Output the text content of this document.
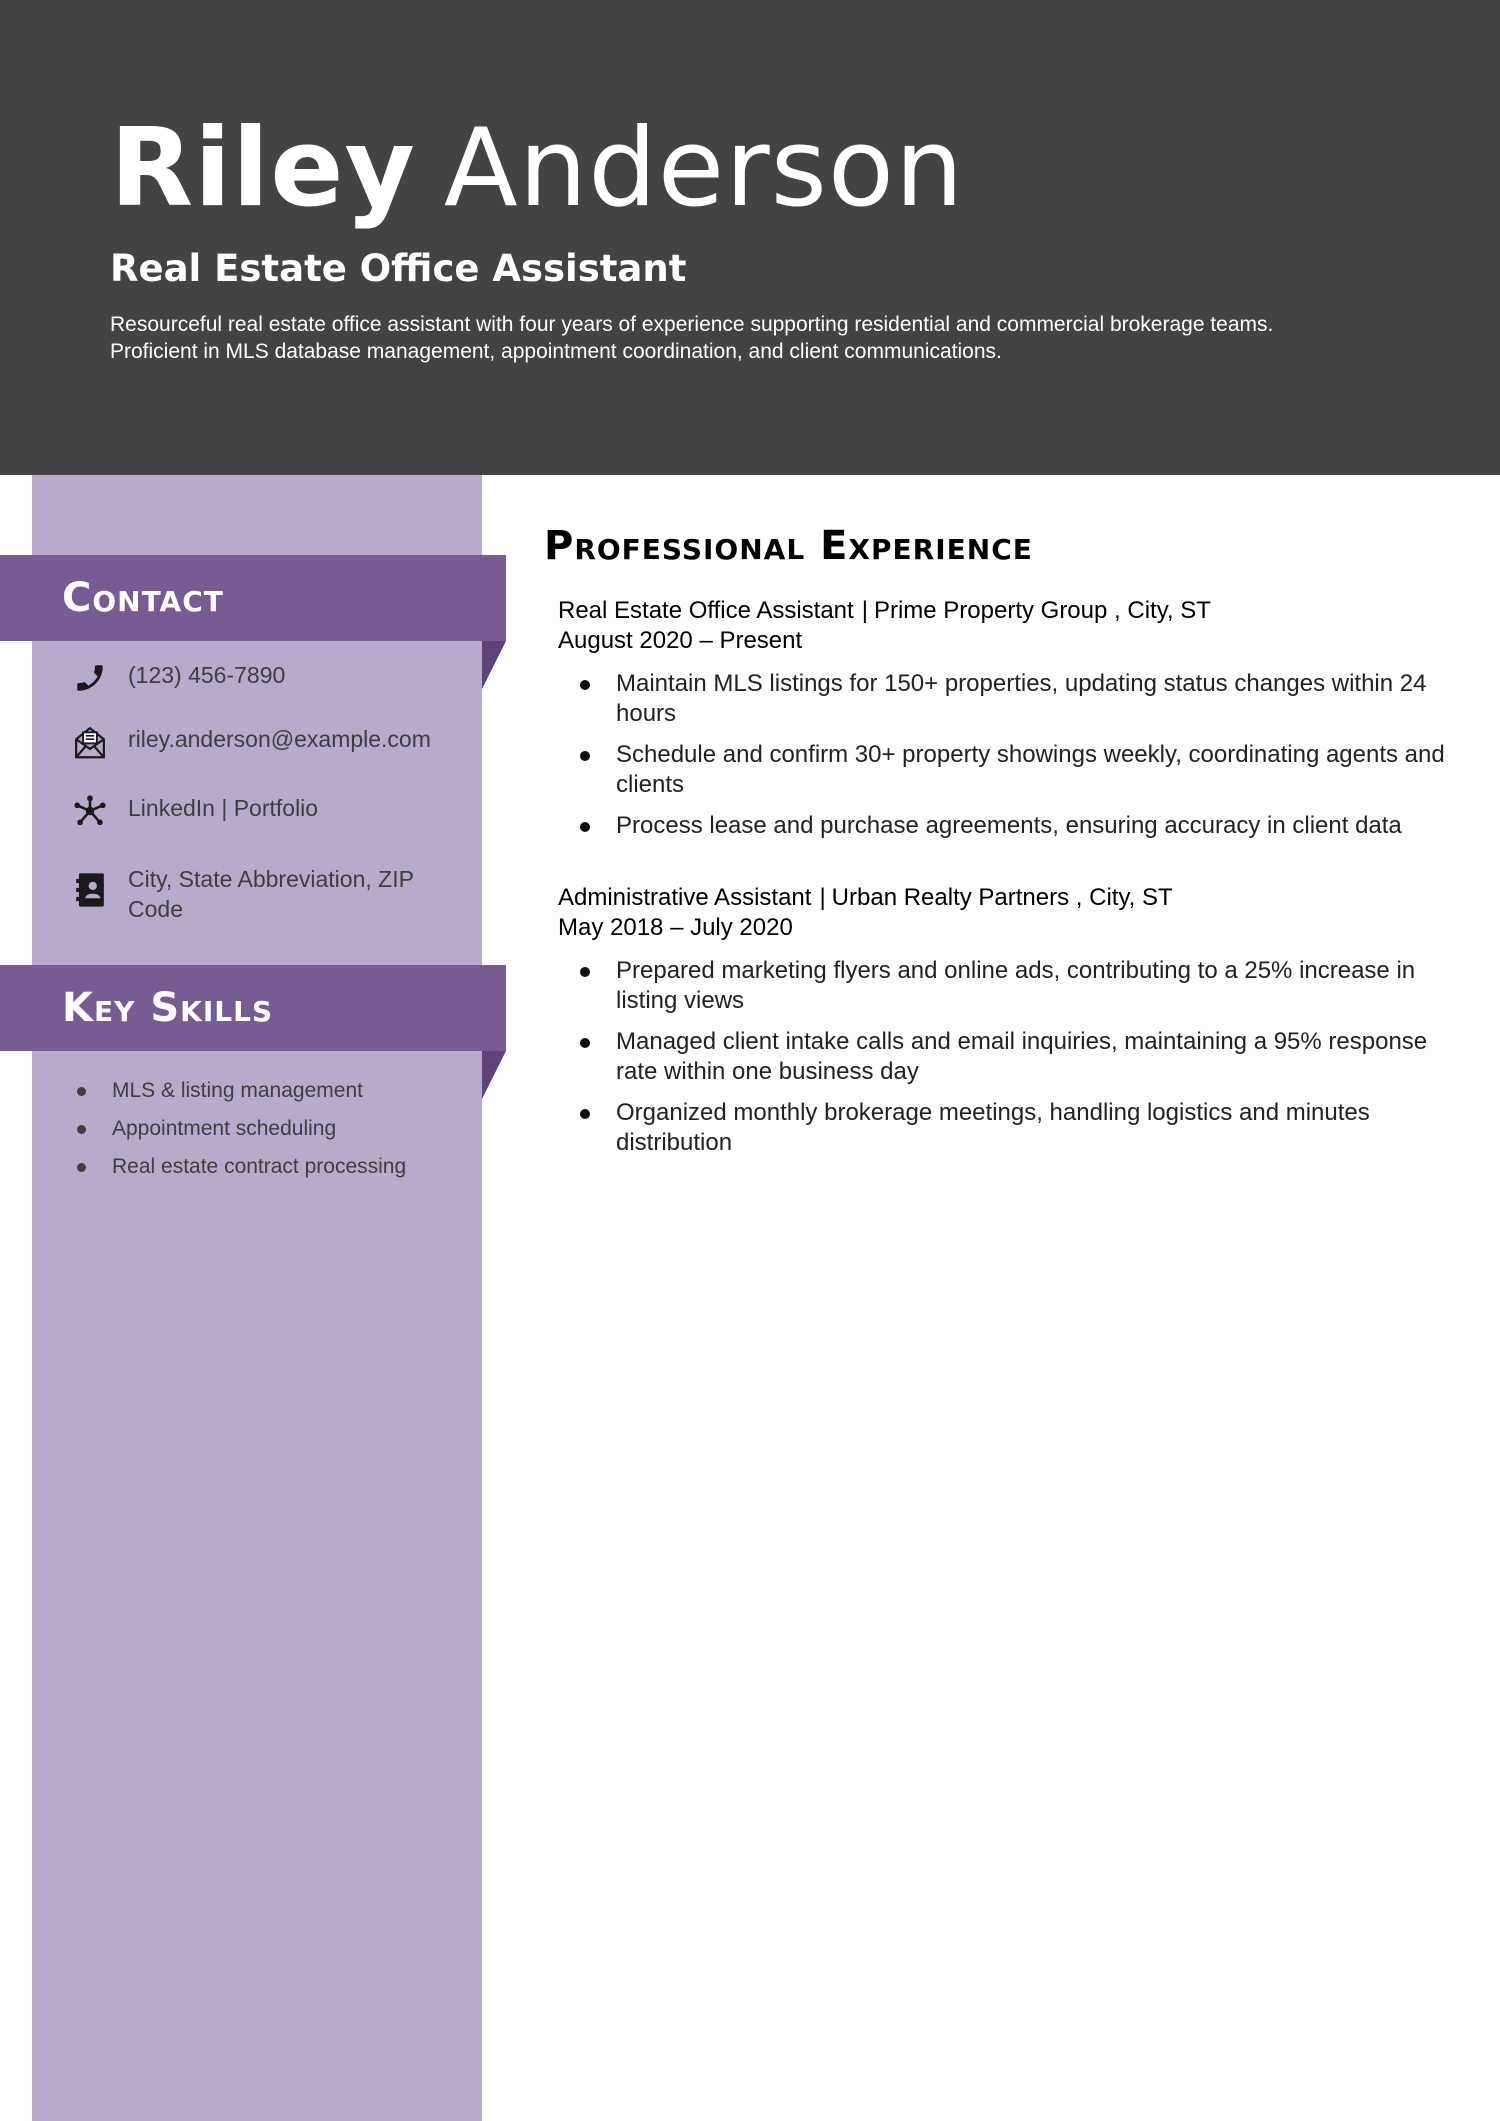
Riley Anderson
Real Estate Office Assistant

Resourceful real estate office assistant with four years of experience supporting residential and commercial brokerage teams.
Proficient in MLS database management, appointment coordination, and client communications.

Contact
(123) 456-7890
riley.anderson@example.com
LinkedIn | Portfolio
City, State Abbreviation, ZIP Code
Key Skills
MLS & listing management
Appointment scheduling
Real estate contract processing
Professional Experience
Real Estate Office Assistant | Prime Property Group , City, ST
August 2020 – Present
Maintain MLS listings for 150+ properties, updating status changes within 24 hours
Schedule and confirm 30+ property showings weekly, coordinating agents and clients
Process lease and purchase agreements, ensuring accuracy in client data
Administrative Assistant | Urban Realty Partners , City, ST
May 2018 – July 2020
Prepared marketing flyers and online ads, contributing to a 25% increase in listing views
Managed client intake calls and email inquiries, maintaining a 95% response rate within one business day
Organized monthly brokerage meetings, handling logistics and minutes distribution
